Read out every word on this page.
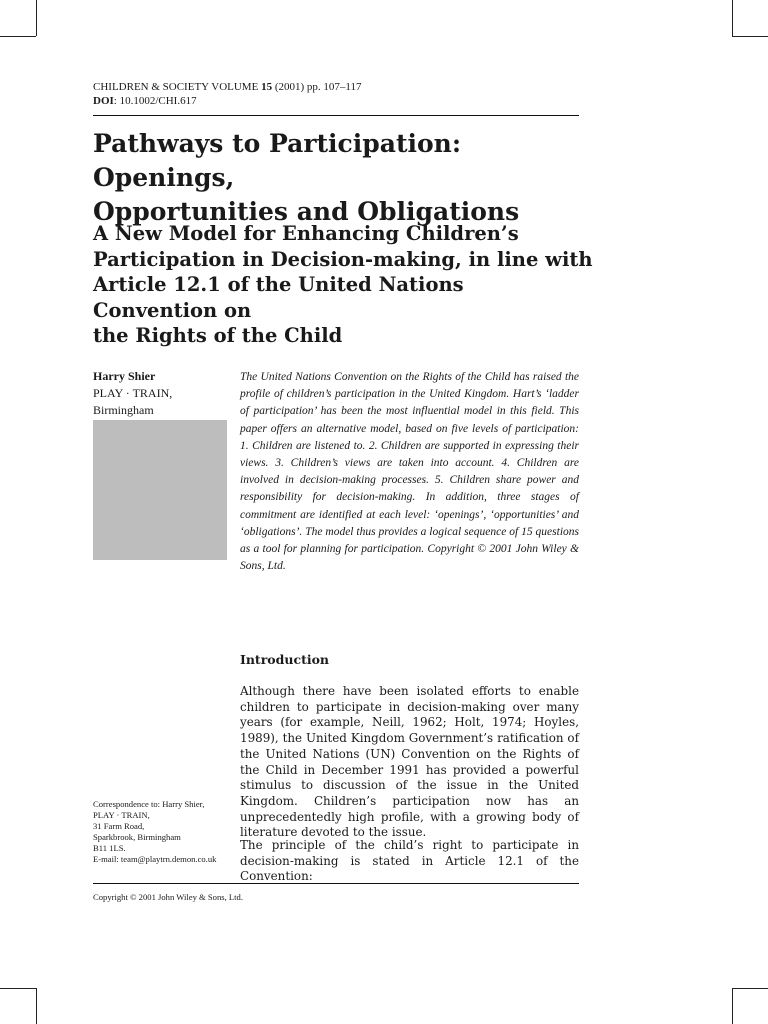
CHILDREN & SOCIETY VOLUME 15 (2001) pp. 107–117
DOI: 10.1002/CHI.617
Pathways to Participation: Openings,
Opportunities and Obligations
A New Model for Enhancing Children’s
Participation in Decision-making, in line with
Article 12.1 of the United Nations Convention on
the Rights of the Child
Harry Shier
PLAY · TRAIN,
Birmingham

The United Nations Convention on the Rights of the Child has raised the profile of children’s participation in the United Kingdom. Hart’s ‘ladder of participation’ has been the most influential model in this field. This paper offers an alternative model, based on five levels of participation: 1. Children are listened to. 2. Children are supported in expressing their views. 3. Children’s views are taken into account. 4. Children are involved in decision-making processes. 5. Children share power and responsibility for decision-making. In addition, three stages of commitment are identified at each level: ‘openings’, ‘opportunities’ and ‘obligations’. The model thus provides a logical sequence of 15 questions as a tool for planning for participation. Copyright © 2001 John Wiley & Sons, Ltd.

Introduction

Although there have been isolated efforts to enable children to participate in decision-making over many years (for example, Neill, 1962; Holt, 1974; Hoyles, 1989), the United Kingdom Government’s ratification of the United Nations (UN) Convention on the Rights of the Child in December 1991 has provided a powerful stimulus to discussion of the issue in the United Kingdom. Children’s participation now has an unprecedentedly high profile, with a growing body of literature devoted to the issue.

The principle of the child’s right to participate in decision-making is stated in Article 12.1 of the Convention:

Correspondence to: Harry Shier,
PLAY · TRAIN,
31 Farm Road,
Sparkbrook, Birmingham
B11 1LS.
E-mail: team@playtrn.demon.co.uk
Copyright © 2001 John Wiley & Sons, Ltd.
